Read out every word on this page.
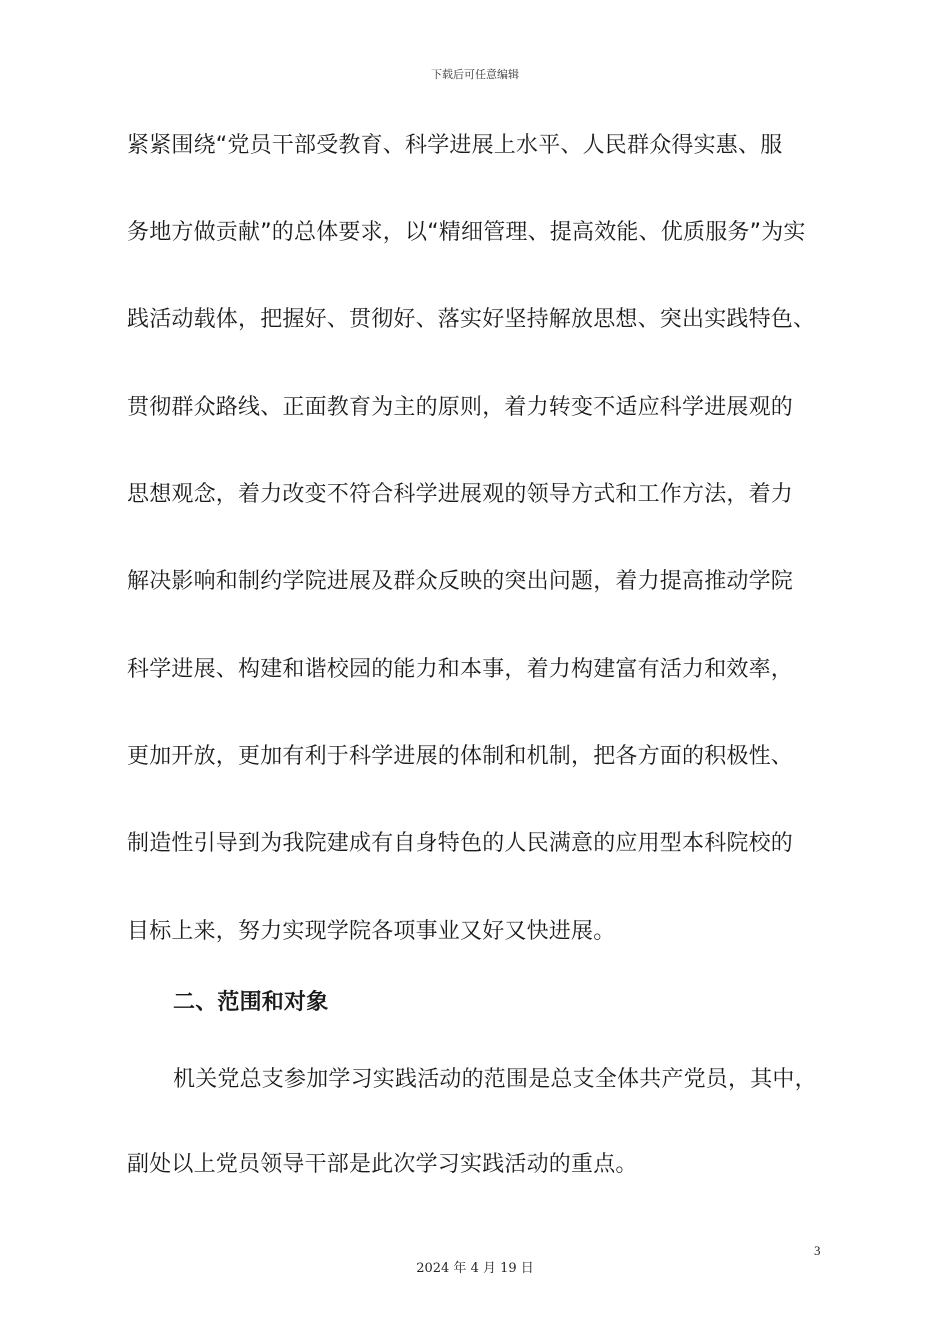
下载后可任意编辑
紧紧围绕“党员干部受教育、科学进展上水平、人民群众得实惠、服
务地方做贡献”的总体要求，以“精细管理、提高效能、优质服务”为实
践活动载体，把握好、贯彻好、落实好坚持解放思想、突出实践特色、
贯彻群众路线、正面教育为主的原则，着力转变不适应科学进展观的
思想观念，着力改变不符合科学进展观的领导方式和工作方法，着力
解决影响和制约学院进展及群众反映的突出问题，着力提高推动学院
科学进展、构建和谐校园的能力和本事，着力构建富有活力和效率，
更加开放，更加有利于科学进展的体制和机制，把各方面的积极性、
制造性引导到为我院建成有自身特色的人民满意的应用型本科院校的
目标上来，努力实现学院各项事业又好又快进展。
二、范围和对象
机关党总支参加学习实践活动的范围是总支全体共产党员，其中，
副处以上党员领导干部是此次学习实践活动的重点。
3
2024 年 4 月 19 日
